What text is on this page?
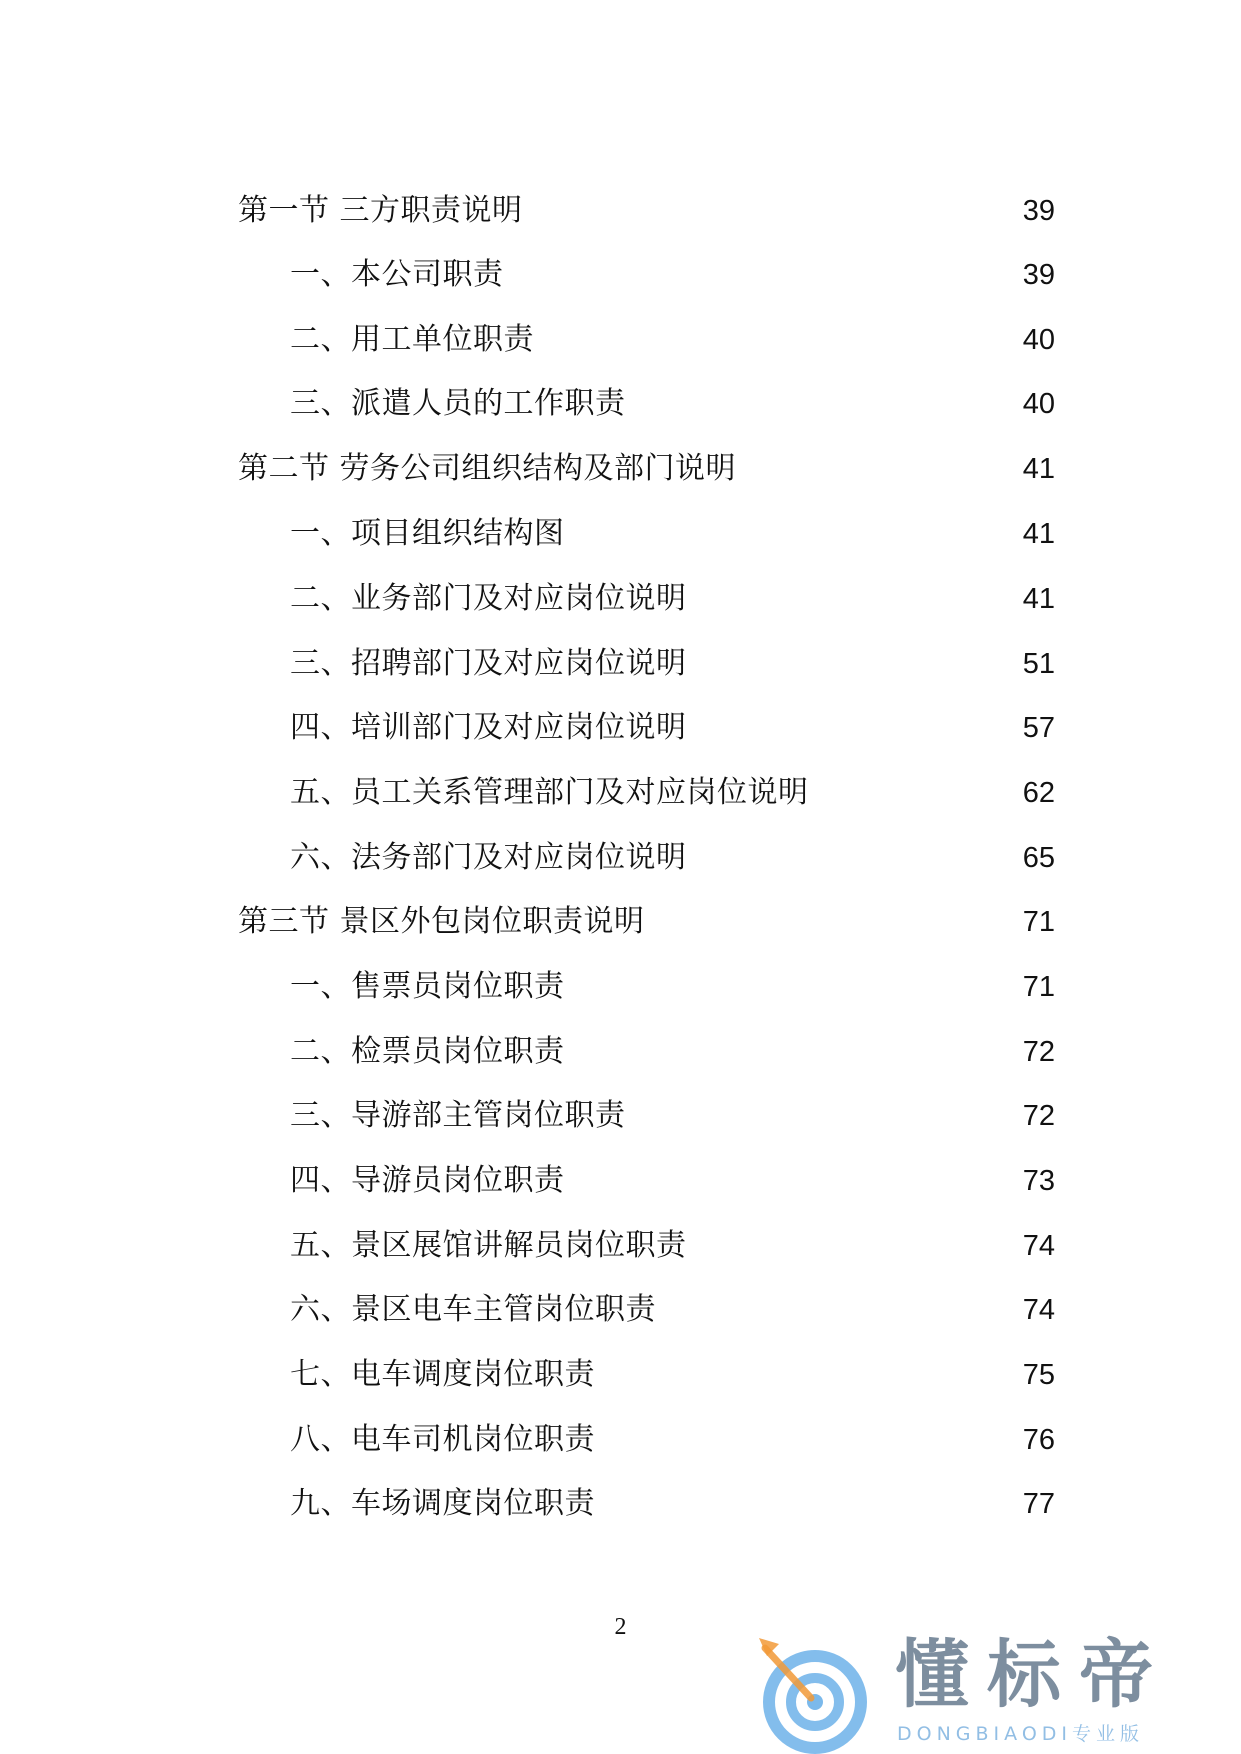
第一节 三方职责说明	39
一、本公司职责	39
二、用工单位职责	40
三、派遣人员的工作职责	40
第二节 劳务公司组织结构及部门说明	41
一、项目组织结构图	41
二、业务部门及对应岗位说明	41
三、招聘部门及对应岗位说明	51
四、培训部门及对应岗位说明	57
五、员工关系管理部门及对应岗位说明	62
六、法务部门及对应岗位说明	65
第三节 景区外包岗位职责说明	71
一、售票员岗位职责	71
二、检票员岗位职责	72
三、导游部主管岗位职责	72
四、导游员岗位职责	73
五、景区展馆讲解员岗位职责	74
六、景区电车主管岗位职责	74
七、电车调度岗位职责	75
八、电车司机岗位职责	76
九、车场调度岗位职责	77
2
懂标帝
DONGBIAODI专业版
